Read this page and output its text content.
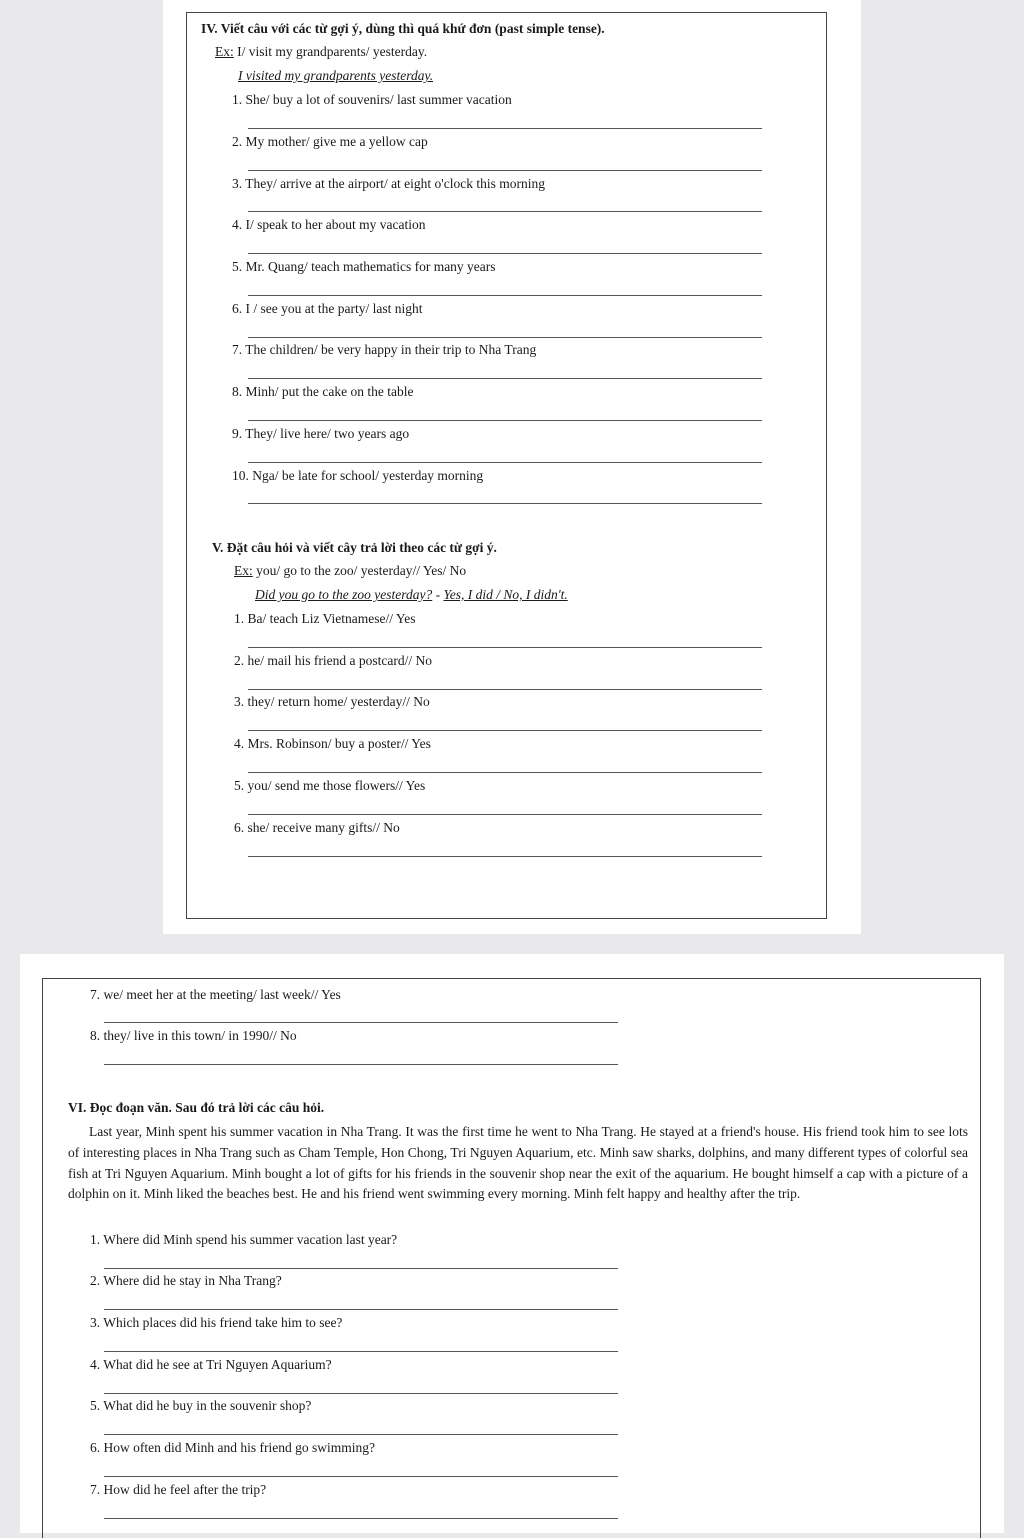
IV. Viết câu với các từ gợi ý, dùng thì quá khứ đơn (past simple tense).
Ex: I/ visit my grandparents/ yesterday.
I visited my grandparents yesterday.
1. She/ buy a lot of souvenirs/ last summer vacation
2. My mother/ give me a yellow cap
3. They/ arrive at the airport/ at eight o'clock this morning
4. I/ speak to her about my vacation
5. Mr. Quang/ teach mathematics for many years
6. I / see you at the party/ last night
7. The children/ be very happy in their trip to Nha Trang
8. Minh/ put the cake on the table
9. They/ live here/ two years ago
10. Nga/ be late for school/ yesterday morning
V. Đặt câu hỏi và viết cây trả lời theo các từ gợi ý.
Ex: you/ go to the zoo/ yesterday// Yes/ No
Did you go to the zoo yesterday? - Yes, I did / No, I didn't.
1. Ba/ teach Liz Vietnamese// Yes
2. he/ mail his friend a postcard// No
3. they/ return home/ yesterday// No
4. Mrs. Robinson/ buy a poster// Yes
5. you/ send me those flowers// Yes
6. she/ receive many gifts// No
7. we/ meet her at the meeting/ last week// Yes
8. they/ live in this town/ in 1990// No
VI. Đọc đoạn văn. Sau đó trả lời các câu hỏi.
Last year, Minh spent his summer vacation in Nha Trang. It was the first time he went to Nha Trang. He stayed at a friend's house. His friend took him to see lots of interesting places in Nha Trang such as Cham Temple, Hon Chong, Tri Nguyen Aquarium, etc. Minh saw sharks, dolphins, and many different types of colorful sea fish at Tri Nguyen Aquarium. Minh bought a lot of gifts for his friends in the souvenir shop near the exit of the aquarium. He bought himself a cap with a picture of a dolphin on it. Minh liked the beaches best. He and his friend went swimming every morning. Minh felt happy and healthy after the trip.
1. Where did Minh spend his summer vacation last year?
2. Where did he stay in Nha Trang?
3. Which places did his friend take him to see?
4. What did he see at Tri Nguyen Aquarium?
5. What did he buy in the souvenir shop?
6. How often did Minh and his friend go swimming?
7. How did he feel after the trip?
